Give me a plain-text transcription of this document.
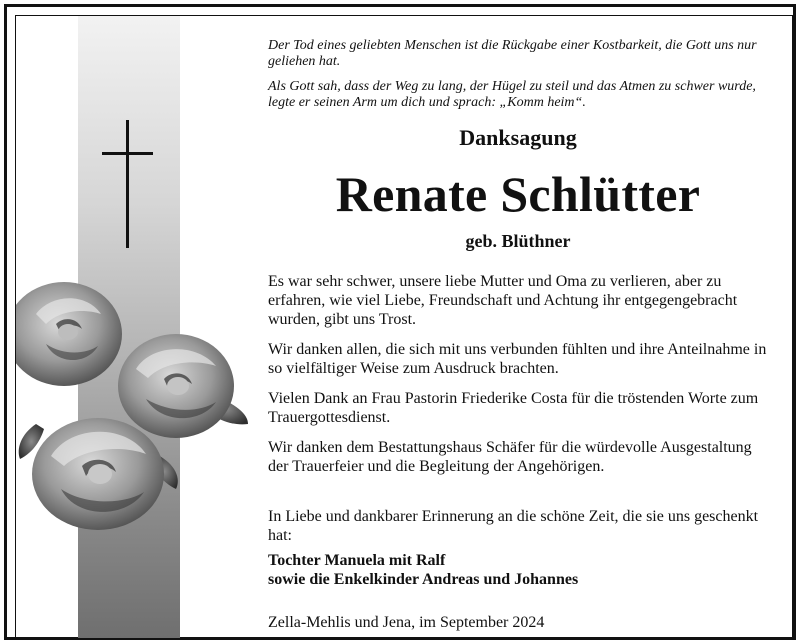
Der Tod eines geliebten Menschen ist die Rückgabe einer Kostbarkeit, die Gott uns nur geliehen hat.

Als Gott sah, dass der Weg zu lang, der Hügel zu steil und das Atmen zu schwer wurde, legte er seinen Arm um dich und sprach: „Komm heim“.

Danksagung
Renate Schlütter
geb. Blüthner

Es war sehr schwer, unsere liebe Mutter und Oma zu verlieren, aber zu erfahren, wie viel Liebe, Freundschaft und Achtung ihr entgegengebracht wurden, gibt uns Trost.

Wir danken allen, die sich mit uns verbunden fühlten und ihre Anteilnahme in so vielfältiger Weise zum Ausdruck brachten.

Vielen Dank an Frau Pastorin Friederike Costa für die tröstenden Worte zum Trauergottesdienst.

Wir danken dem Bestattungshaus Schäfer für die würdevolle Ausgestaltung der Trauerfeier und die Begleitung der Angehörigen.

In Liebe und dankbarer Erinnerung an die schöne Zeit, die sie uns geschenkt hat:

Tochter Manuela mit Ralf

sowie die Enkelkinder Andreas und Johannes

Zella-Mehlis und Jena, im September 2024
